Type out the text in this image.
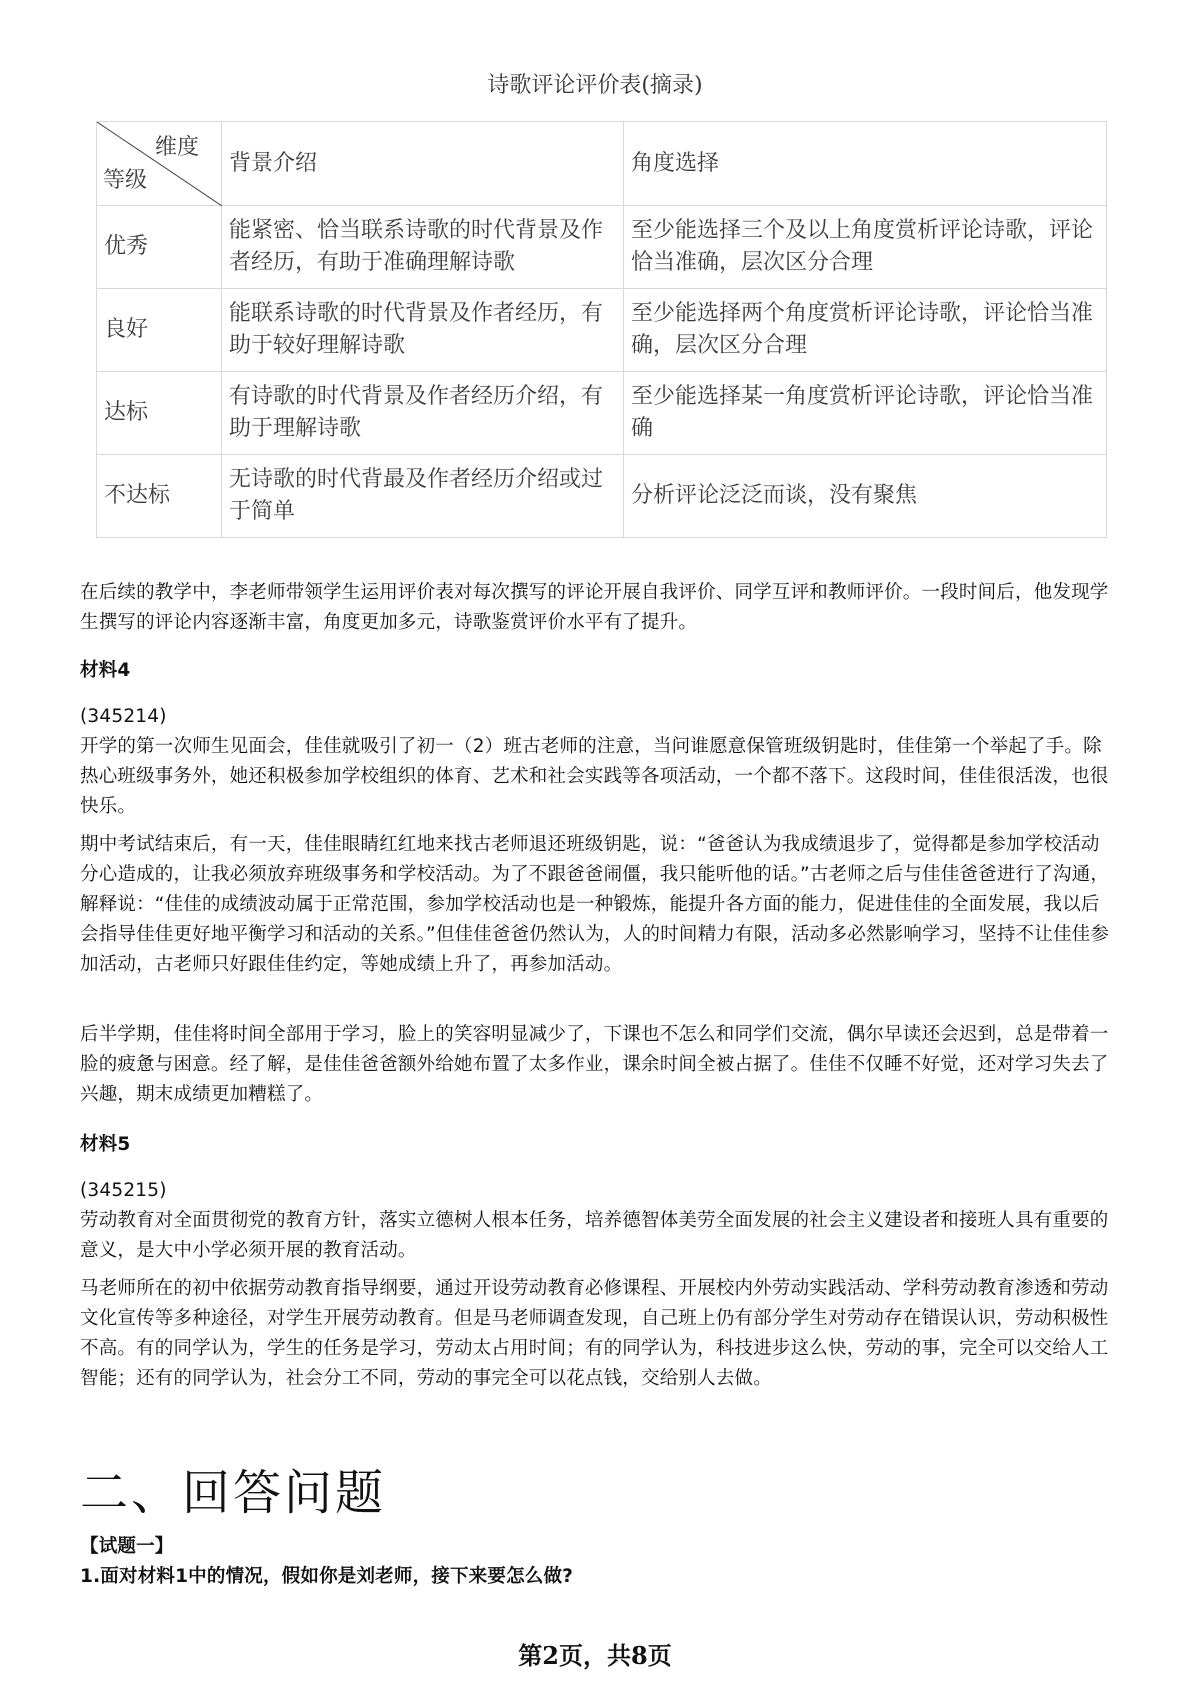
诗歌评论评价表(摘录)
维度
等级	背景介绍	角度选择
优秀	能紧密、恰当联系诗歌的时代背景及作者经历，有助于准确理解诗歌	至少能选择三个及以上角度赏析评论诗歌，评论恰当准确，层次区分合理
良好	能联系诗歌的时代背景及作者经历，有助于较好理解诗歌	至少能选择两个角度赏析评论诗歌，评论恰当准确，层次区分合理
达标	有诗歌的时代背景及作者经历介绍，有助于理解诗歌	至少能选择某一角度赏析评论诗歌，评论恰当准确
不达标	无诗歌的时代背最及作者经历介绍或过于简单	分析评论泛泛而谈，没有聚焦

在后续的教学中，李老师带领学生运用评价表对每次撰写的评论开展自我评价、同学互评和教师评价。一段时间后，他发现学生撰写的评论内容逐渐丰富，角度更加多元，诗歌鉴赏评价水平有了提升。

材料4

(345214)

开学的第一次师生见面会，佳佳就吸引了初一（2）班古老师的注意，当问谁愿意保管班级钥匙时，佳佳第一个举起了手。除热心班级事务外，她还积极参加学校组织的体育、艺术和社会实践等各项活动，一个都不落下。这段时间，佳佳很活泼，也很快乐。

期中考试结束后，有一天，佳佳眼睛红红地来找古老师退还班级钥匙，说：“爸爸认为我成绩退步了，觉得都是参加学校活动分心造成的，让我必须放弃班级事务和学校活动。为了不跟爸爸闹僵，我只能听他的话。”古老师之后与佳佳爸爸进行了沟通，解释说：“佳佳的成绩波动属于正常范围，参加学校活动也是一种锻炼，能提升各方面的能力，促进佳佳的全面发展，我以后会指导佳佳更好地平衡学习和活动的关系。”但佳佳爸爸仍然认为，人的时间精力有限，活动多必然影响学习，坚持不让佳佳参加活动，古老师只好跟佳佳约定，等她成绩上升了，再参加活动。

后半学期，佳佳将时间全部用于学习，脸上的笑容明显减少了，下课也不怎么和同学们交流，偶尔早读还会迟到，总是带着一脸的疲惫与困意。经了解，是佳佳爸爸额外给她布置了太多作业，课余时间全被占据了。佳佳不仅睡不好觉，还对学习失去了兴趣，期末成绩更加糟糕了。

材料5

(345215)

劳动教育对全面贯彻党的教育方针，落实立德树人根本任务，培养德智体美劳全面发展的社会主义建设者和接班人具有重要的意义，是大中小学必须开展的教育活动。

马老师所在的初中依据劳动教育指导纲要，通过开设劳动教育必修课程、开展校内外劳动实践活动、学科劳动教育渗透和劳动文化宣传等多种途径，对学生开展劳动教育。但是马老师调查发现，自己班上仍有部分学生对劳动存在错误认识，劳动积极性不高。有的同学认为，学生的任务是学习，劳动太占用时间；有的同学认为，科技进步这么快，劳动的事，完全可以交给人工智能；还有的同学认为，社会分工不同，劳动的事完全可以花点钱，交给别人去做。

二、回答问题

【试题一】

1.面对材料1中的情况，假如你是刘老师，接下来要怎么做?

第2页，共8页
